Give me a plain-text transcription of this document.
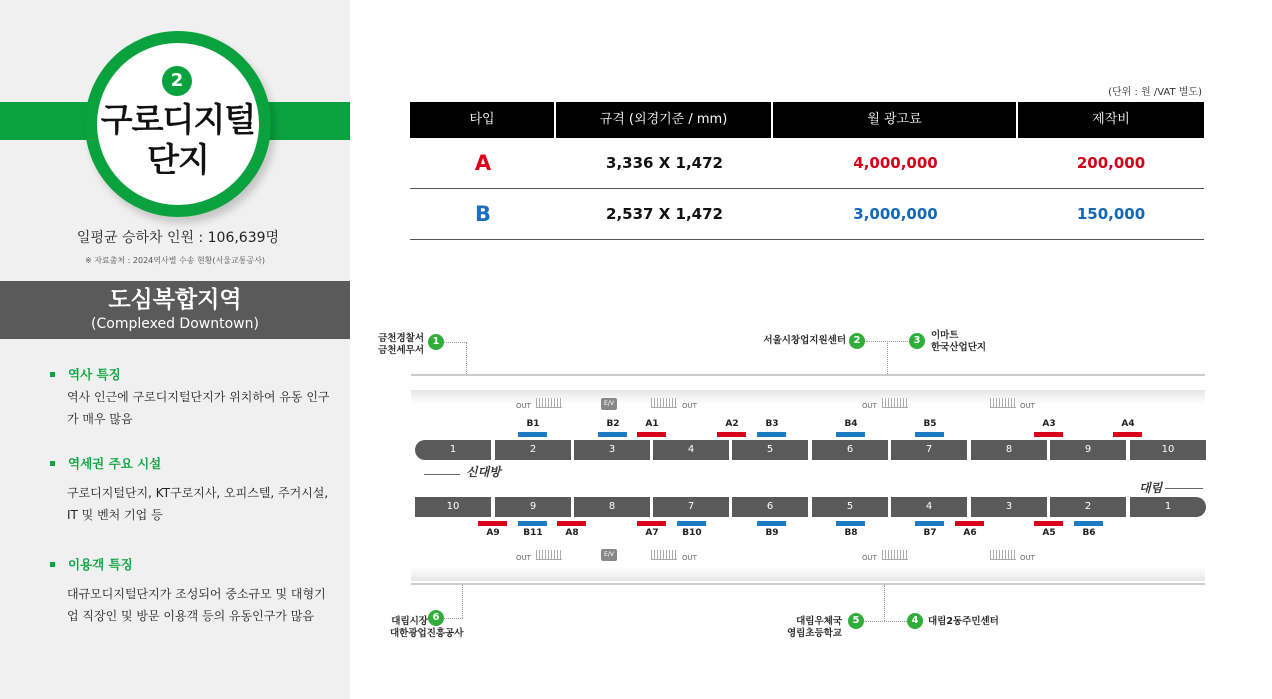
2
구로디지털
단지
일평균 승하차 인원 : 106,639명
※ 자료출처 : 2024역사별 수송 현황(서울교통공사)
도심복합지역
(Complexed Downtown)
역사 특징
역사 인근에 구로디지털단지가 위치하여 유동 인구가 매우 많음
역세권 주요 시설
구로디지털단지, KT구로지사, 오피스텔, 주거시설, IT 및 벤처 기업 등
이용객 특징
대규모디지털단지가 조성되어 중소규모 및 대형기업 직장인 및 방문 이용객 등의 유동인구가 많음
(단위 : 원 /VAT 별도)
타입	규격 (외경기준 / mm)	월 광고료	제작비
A	3,336 X 1,472	4,000,000	200,000
B	2,537 X 1,472	3,000,000	150,000
금천경찰서
금천세무서
1	서울시창업지원센터 2	3	이마트
한국산업단지
신대방
대림
대림시장
대한광업진흥공사
6	대림우체국
영림초등학교
5	4	대림2동주민센터
1	2	3	4	5	6	7	8	9	10
10	9	8	7	6	5	4	3	2	1
B1	B2	A1	A2	B3	B4	B5	A3	A4
A9	B11	A8	A7	B10	B9	B8	B7	A6	A5	B6
OUT	OUT	OUT	OUT
E/V
OUT	OUT	OUT	OUT
E/V
